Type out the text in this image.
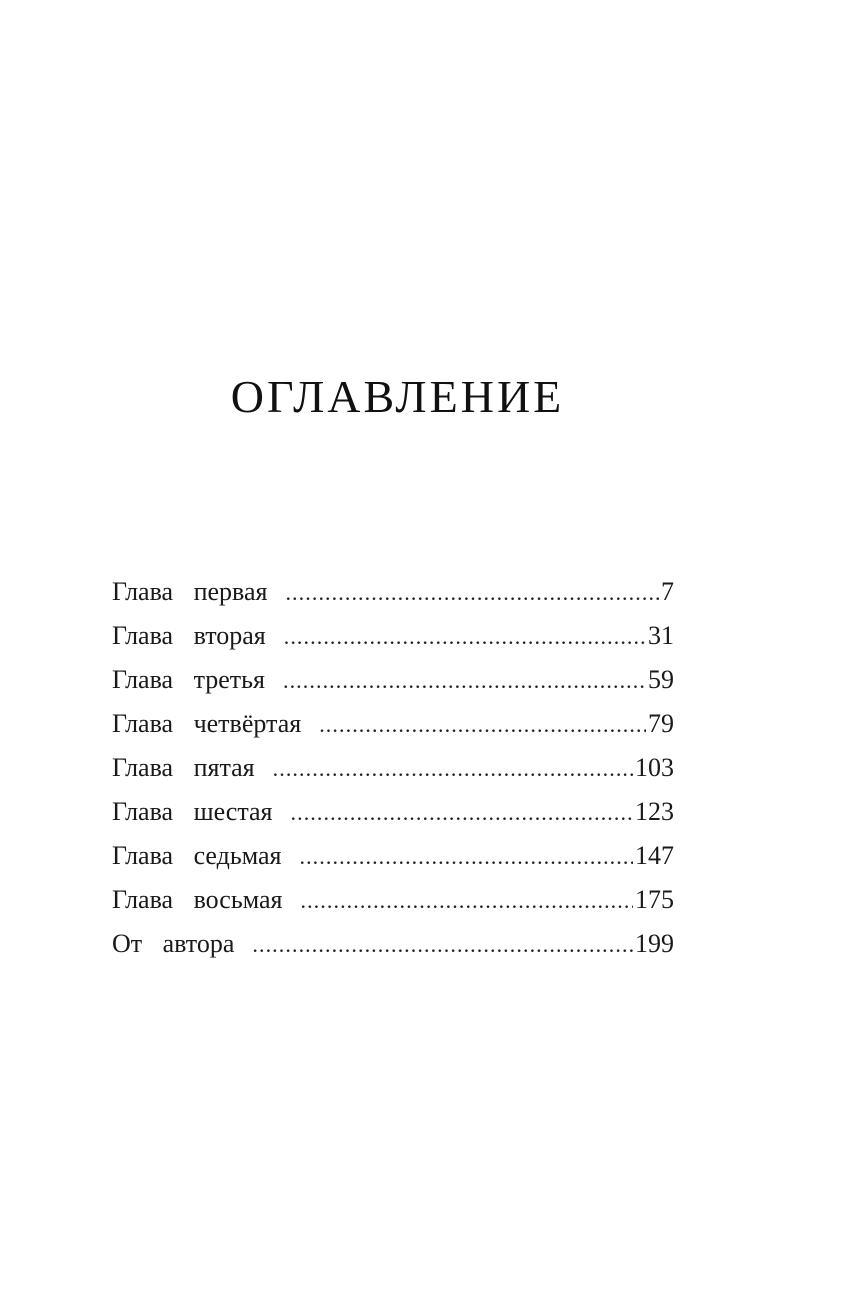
ОГЛАВЛЕНИЕ
Глава первая . . .	7
Глава вторая . . .	31
Глава третья . . .	59
Глава четвёртая . . .	79
Глава пятая . . .	103
Глава шестая . . .	123
Глава седьмая . . .	147
Глава восьмая . . .	175
От автора . . .	199
